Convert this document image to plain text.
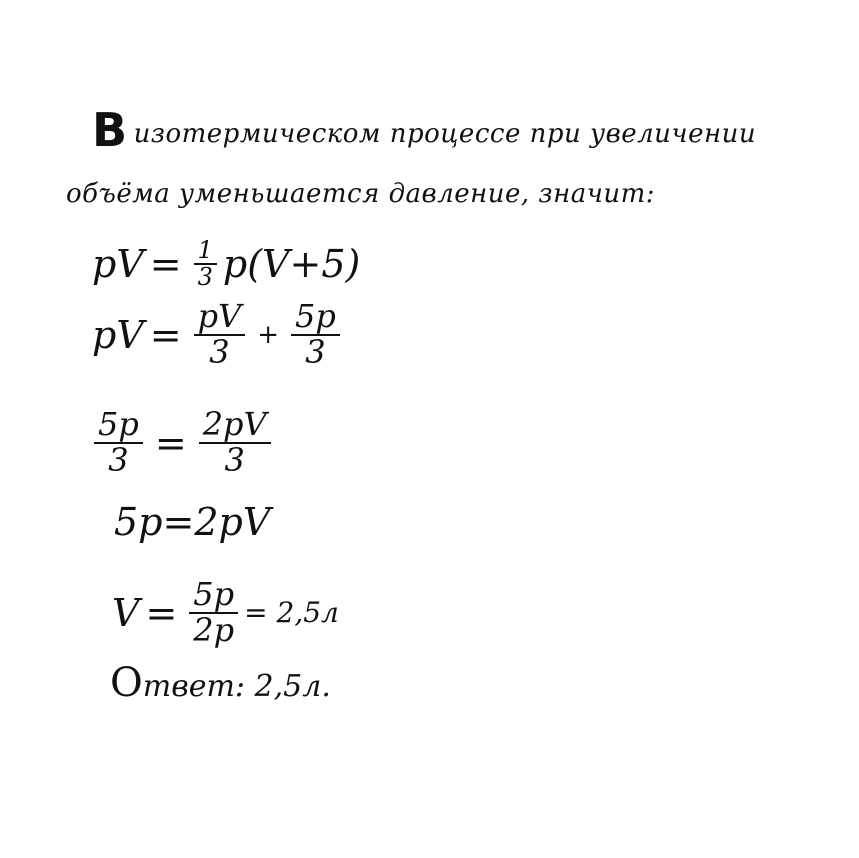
Визотермическом процессе при увеличении
объёма уменьшается давление, значит:
pV = $\frac{1}{3} p(V+5)$
pV = $\frac{pV}{3} + \frac{5p}{3}$
$\frac{5p}{3} = \frac{2pV}{3}$
5p=2pV
$V = \frac{5p}{2p} = 2,5л$
Ответ: 2,5л.
